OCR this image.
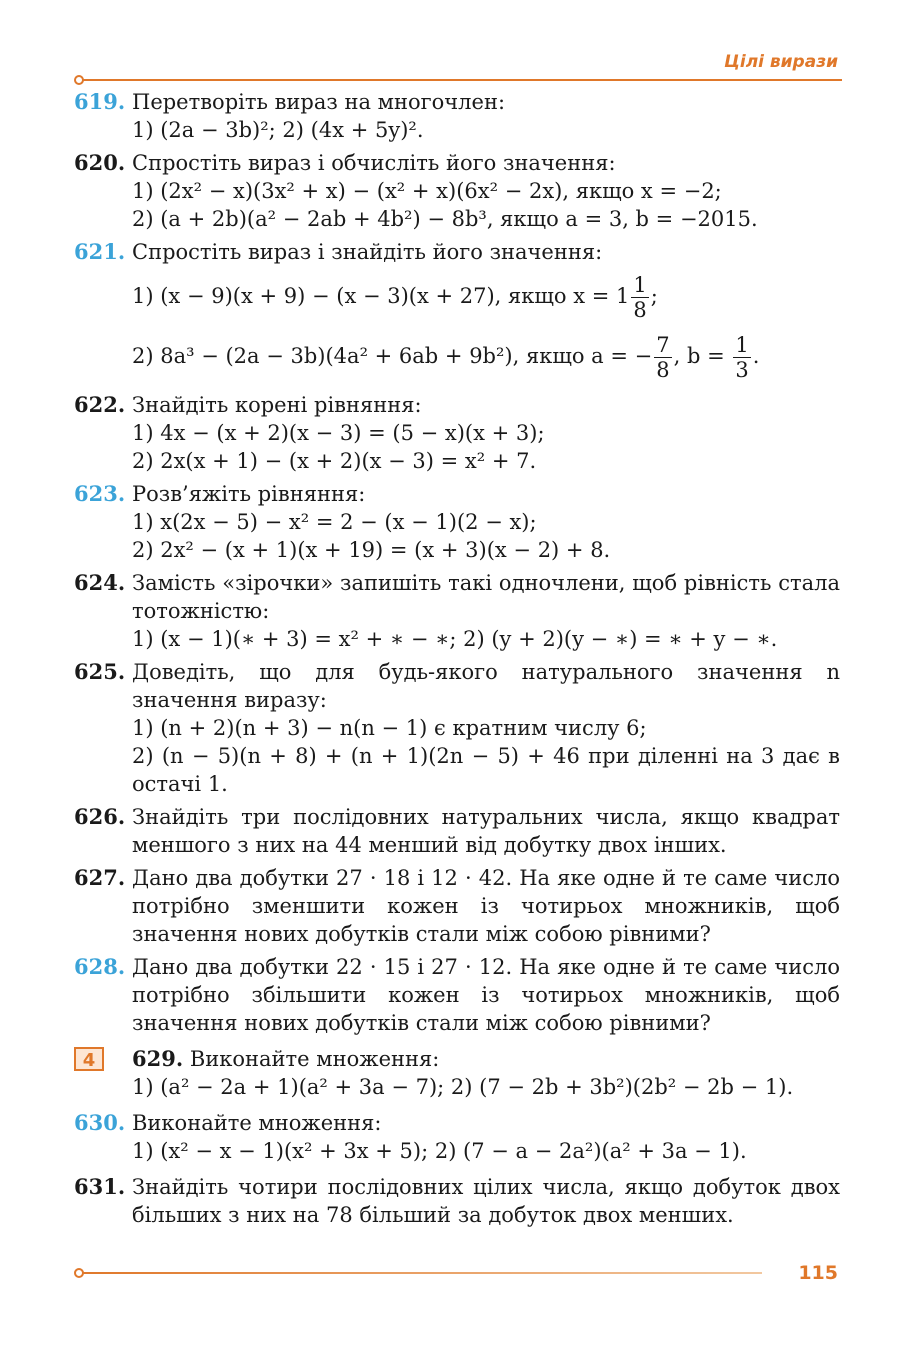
Цілі вирази
619. Перетворіть вираз на многочлен:
1) (2a − 3b)²; 2) (4x + 5y)².
620. Спростіть вираз і обчисліть його значення:
1) (2x² − x)(3x² + x) − (x² + x)(6x² − 2x), якщо x = −2;
2) (a + 2b)(a² − 2ab + 4b²) − 8b³, якщо a = 3, b = −2015.
621. Спростіть вираз і знайдіть його значення:
1) (x − 9)(x + 9) − (x − 3)(x + 27), якщо $x = 1 \frac{1}{8}$ ;
2) 8a³ − (2a − 3b)(4a² + 6ab + 9b²), якщо a = − $\frac{7}{8}$ , $b = \frac{1}{3}$ .
622. Знайдіть корені рівняння:
1) 4x − (x + 2)(x − 3) = (5 − x)(x + 3);
2) 2x(x + 1) − (x + 2)(x − 3) = x² + 7.
623. Розв’яжіть рівняння:
1) x(2x − 5) − x² = 2 − (x − 1)(2 − x);
2) 2x² − (x + 1)(x + 19) = (x + 3)(x − 2) + 8.
624. Замість «зірочки» запишіть такі одночлени, щоб рівність стала тотожністю:
1) (x − 1)(∗ + 3) = x² + ∗ − ∗; 2) (y + 2)(y − ∗) = ∗ + y − ∗.
625. Доведіть, що для будь-якого натурального значення n значення виразу:
1) (n + 2)(n + 3) − n(n − 1) є кратним числу 6;
2) (n − 5)(n + 8) + (n + 1)(2n − 5) + 46 при діленні на 3 дає в остачі 1.
626. Знайдіть три послідовних натуральних числа, якщо квадрат меншого з них на 44 менший від добутку двох інших.
627. Дано два добутки 27 · 18 і 12 · 42. На яке одне й те саме число потрібно зменшити кожен із чотирьох множників, щоб значення нових добутків стали між собою рівними?
628. Дано два добутки 22 · 15 і 27 · 12. На яке одне й те саме число потрібно збільшити кожен із чотирьох множників, щоб значення нових добутків стали між собою рівними?
4	629. Виконайте множення:
1) (a² − 2a + 1)(a² + 3a − 7); 2) (7 − 2b + 3b²)(2b² − 2b − 1).
630. Виконайте множення:
1) (x² − x − 1)(x² + 3x + 5); 2) (7 − a − 2a²)(a² + 3a − 1).
631. Знайдіть чотири послідовних цілих числа, якщо добуток двох більших з них на 78 більший за добуток двох менших.
115
